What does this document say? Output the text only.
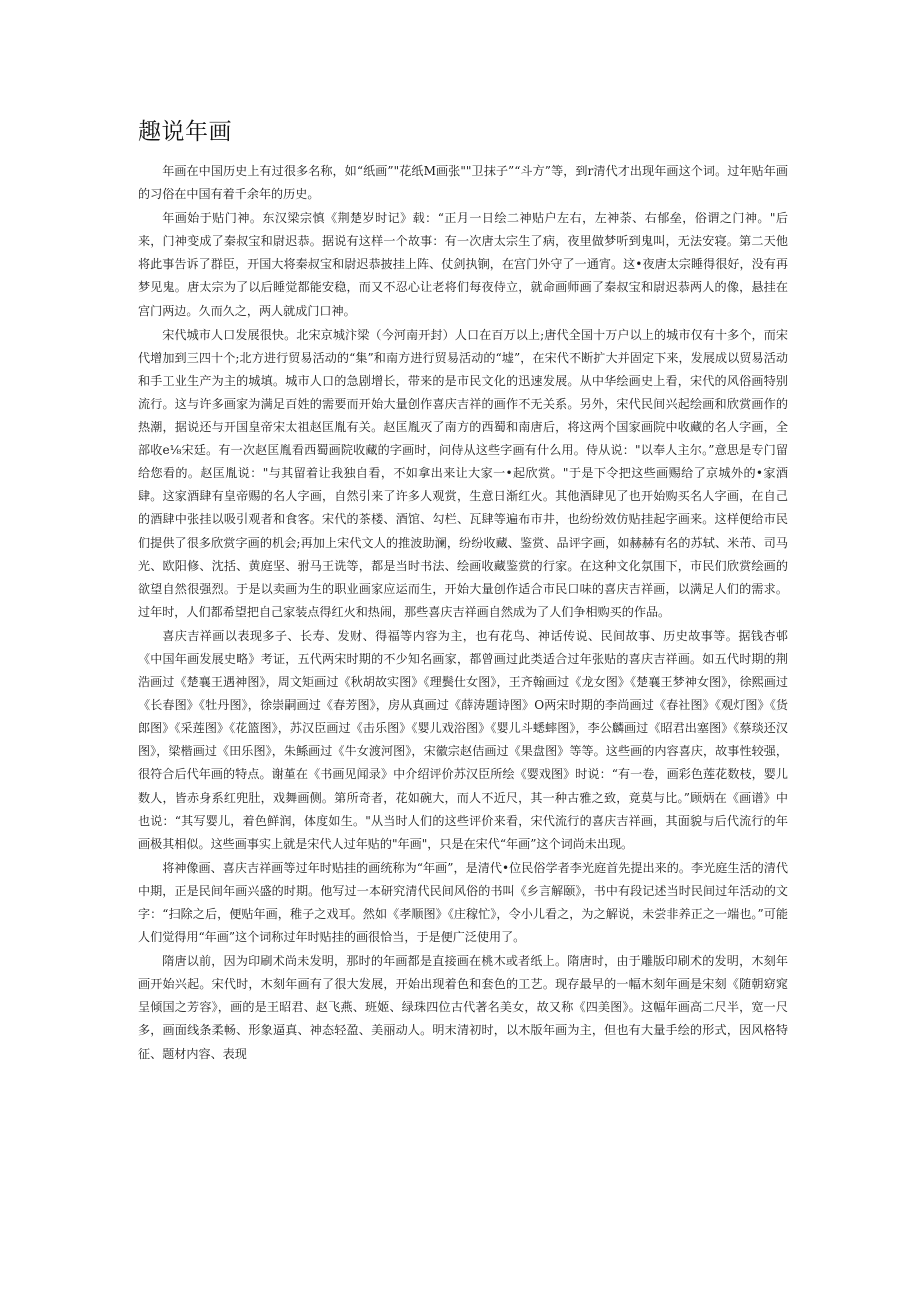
趣说年画

年画在中国历史上有过很多名称，如“纸画”"花纸M画张""卫抹子”“斗方”等，到r清代才出现年画这个词。过年贴年画的习俗在中国有着千余年的历史。

年画始于贴门神。东汉梁宗慎《荆楚岁时记》载：“正月一日绘二神贴户左右，左神荼、右郁垒，俗谓之门神。"后来，门神变成了秦叔宝和尉迟恭。据说有这样一个故事：有一次唐太宗生了病，夜里做梦听到鬼叫，无法安寝。第二天他将此事告诉了群臣，开国大将秦叔宝和尉迟恭披挂上阵、仗剑执锏，在宫门外守了一通宵。这•夜唐太宗睡得很好，没有再梦见鬼。唐太宗为了以后睡觉都能安稳，而又不忍心让老将们每夜侍立，就命画师画了秦叔宝和尉迟恭两人的像，悬挂在宫门两边。久而久之，两人就成门口神。

宋代城市人口发展很快。北宋京城汴梁（今河南开封）人口在百万以上;唐代全国十万户以上的城市仅有十多个，而宋代增加到三四十个;北方进行贸易活动的“集”和南方进行贸易活动的“墟”，在宋代不断扩大并固定下来，发展成以贸易活动和手工业生产为主的城填。城市人口的急剧增长，带来的是市民文化的迅速发展。从中华绘画史上看，宋代的风俗画特别流行。这与许多画家为满足百姓的需要而开始大量创作喜庆吉祥的画作不无关系。另外，宋代民间兴起绘画和欣赏画作的热潮，据说还与开国皇帝宋太祖赵匡胤有关。赵匡胤灭了南方的西蜀和南唐后，将这两个国家画院中收藏的名人字画，全部收e⅛宋廷。有一次赵匡胤看西蜀画院收藏的字画时，问侍从这些字画有什么用。侍从说："以奉人主尔。”意思是专门留给您看的。赵匡胤说："与其留着让我独自看，不如拿出来让大家一•起欣赏。"于是下令把这些画赐给了京城外的•家酒肆。这家酒肆有皇帝赐的名人字画，自然引来了许多人观赏，生意日渐红火。其他酒肆见了也开始购买名人字画，在自己的酒肆中张挂以吸引观者和食客。宋代的茶楼、酒馆、勾栏、瓦肆等遍布市井，也纷纷效仿贴挂起字画来。这样便给市民们提供了很多欣赏字画的机会;再加上宋代文人的推波助澜，纷纷收藏、鉴赏、品评字画，如赫赫有名的苏轼、米芾、司马光、欧阳修、沈括、黄庭坚、驸马王诜等，都是当时书法、绘画收藏鉴赏的行家。在这种文化氛围下，市民们欣赏绘画的欲望自然很强烈。于是以卖画为生的职业画家应运而生，开始大量创作适合市民口味的喜庆吉祥画，以满足人们的需求。过年时，人们都希望把自己家装点得红火和热闹，那些喜庆吉祥画自然成为了人们争相购买的作品。

喜庆吉祥画以表现多子、长寿、发财、得福等内容为主，也有花鸟、神话传说、民间故事、历史故事等。据钱杏邨《中国年画发展史略》考证，五代两宋时期的不少知名画家，都曾画过此类适合过年张贴的喜庆吉祥画。如五代时期的荆浩画过《楚襄王遇神图》，周文矩画过《秋胡故实图》《理鬓仕女图》，王齐翰画过《龙女图》《楚襄王梦神女图》，徐熙画过《长春图》《牡丹图》，徐崇嗣画过《春芳图》，房从真画过《薛涛题诗图》O两宋时期的李尚画过《春社图》《观灯图》《货郎图》《采莲图》《花篮图》，苏汉臣画过《击乐图》《婴儿戏浴图》《婴儿斗蟋蟀图》，李公麟画过《昭君出塞图》《蔡琰还汉图》，梁楷画过《田乐图》，朱鲧画过《牛女渡河图》，宋徽宗赵佶画过《果盘图》等等。这些画的内容喜庆，故事性较强，很符合后代年画的特点。谢堇在《书画见闻录》中介绍评价苏汉臣所绘《婴戏图》时说：“有一卷，画彩色莲花数枝，婴儿数人，皆赤身系红兜肚，戏舞画侧。第所奇者，花如碗大，而人不近尺，其一种古雅之致，竟莫与比。”顾炳在《画谱》中也说：“其写婴儿，着色鲜润，体度如生。"从当时人们的这些评价来看，宋代流行的喜庆吉祥画，其面貌与后代流行的年画极其相似。这些画事实上就是宋代人过年贴的"年画"，只是在宋代“年画”这个词尚未出现。

将神像画、喜庆吉祥画等过年时贴挂的画统称为“年画”，是清代•位民俗学者李光庭首先提出来的。李光庭生活的清代中期，正是民间年画兴盛的时期。他写过一本研究清代民间风俗的书叫《乡言解颐》，书中有段记述当时民间过年活动的文字：“扫除之后，便贴年画，稚子之戏耳。然如《孝顺图》《庄稼忙》，令小儿看之，为之解说，未尝非养正之一端也。”可能人们觉得用“年画”这个词称过年时贴挂的画很恰当，于是便广泛使用了。

隋唐以前，因为印刷术尚未发明，那时的年画都是直接画在桃木或者纸上。隋唐时，由于雕版印刷术的发明，木刻年画开始兴起。宋代时，木刻年画有了很大发展，开始出现着色和套色的工艺。现存最早的一幅木刻年画是宋刻《随朝窈窕呈倾国之芳容》，画的是王昭君、赵飞燕、班姬、绿珠四位古代著名美女，故又称《四美图》。这幅年画高二尺半，宽一尺多，画面线条柔畅、形象逼真、神态轻盈、美丽动人。明末清初时，以木版年画为主，但也有大量手绘的形式，因风格特征、题材内容、表现
